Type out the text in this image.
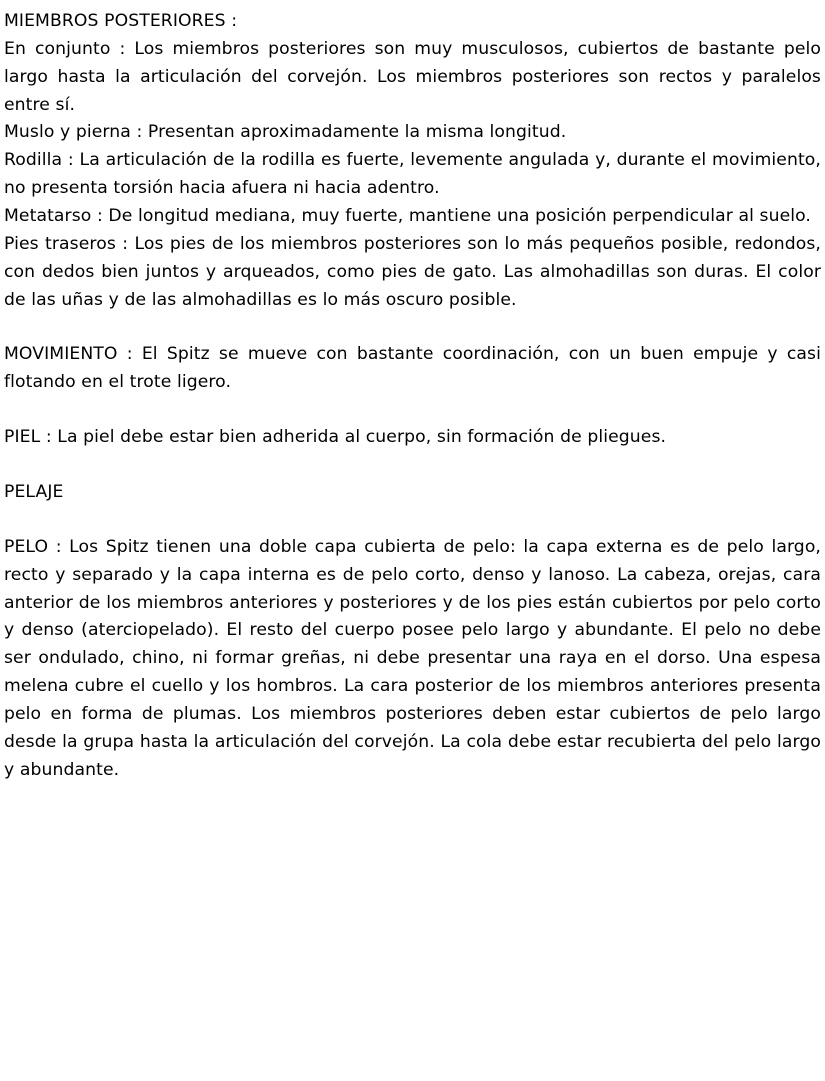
MIEMBROS POSTERIORES :

En conjunto : Los miembros posteriores son muy musculosos, cubiertos de bastante pelo largo hasta la articulación del corvejón. Los miembros posteriores son rectos y paralelos entre sí.

Muslo y pierna : Presentan aproximadamente la misma longitud.

Rodilla : La articulación de la rodilla es fuerte, levemente angulada y, durante el movimiento, no presenta torsión hacia afuera ni hacia adentro.

Metatarso : De longitud mediana, muy fuerte, mantiene una posición perpendicular al suelo.

Pies traseros : Los pies de los miembros posteriores son lo más pequeños posible, redondos, con dedos bien juntos y arqueados, como pies de gato. Las almohadillas son duras. El color de las uñas y de las almohadillas es lo más oscuro posible.

MOVIMIENTO : El Spitz se mueve con bastante coordinación, con un buen empuje y casi flotando en el trote ligero.

PIEL : La piel debe estar bien adherida al cuerpo, sin formación de pliegues.

PELAJE

PELO : Los Spitz tienen una doble capa cubierta de pelo: la capa externa es de pelo largo, recto y separado y la capa interna es de pelo corto, denso y lanoso. La cabeza, orejas, cara anterior de los miembros anteriores y posteriores y de los pies están cubiertos por pelo corto y denso (aterciopelado). El resto del cuerpo posee pelo largo y abundante. El pelo no debe ser ondulado, chino, ni formar greñas, ni debe presentar una raya en el dorso. Una espesa melena cubre el cuello y los hombros. La cara posterior de los miembros anteriores presenta pelo en forma de plumas. Los miembros posteriores deben estar cubiertos de pelo largo desde la grupa hasta la articulación del corvejón. La cola debe estar recubierta del pelo largo y abundante.
